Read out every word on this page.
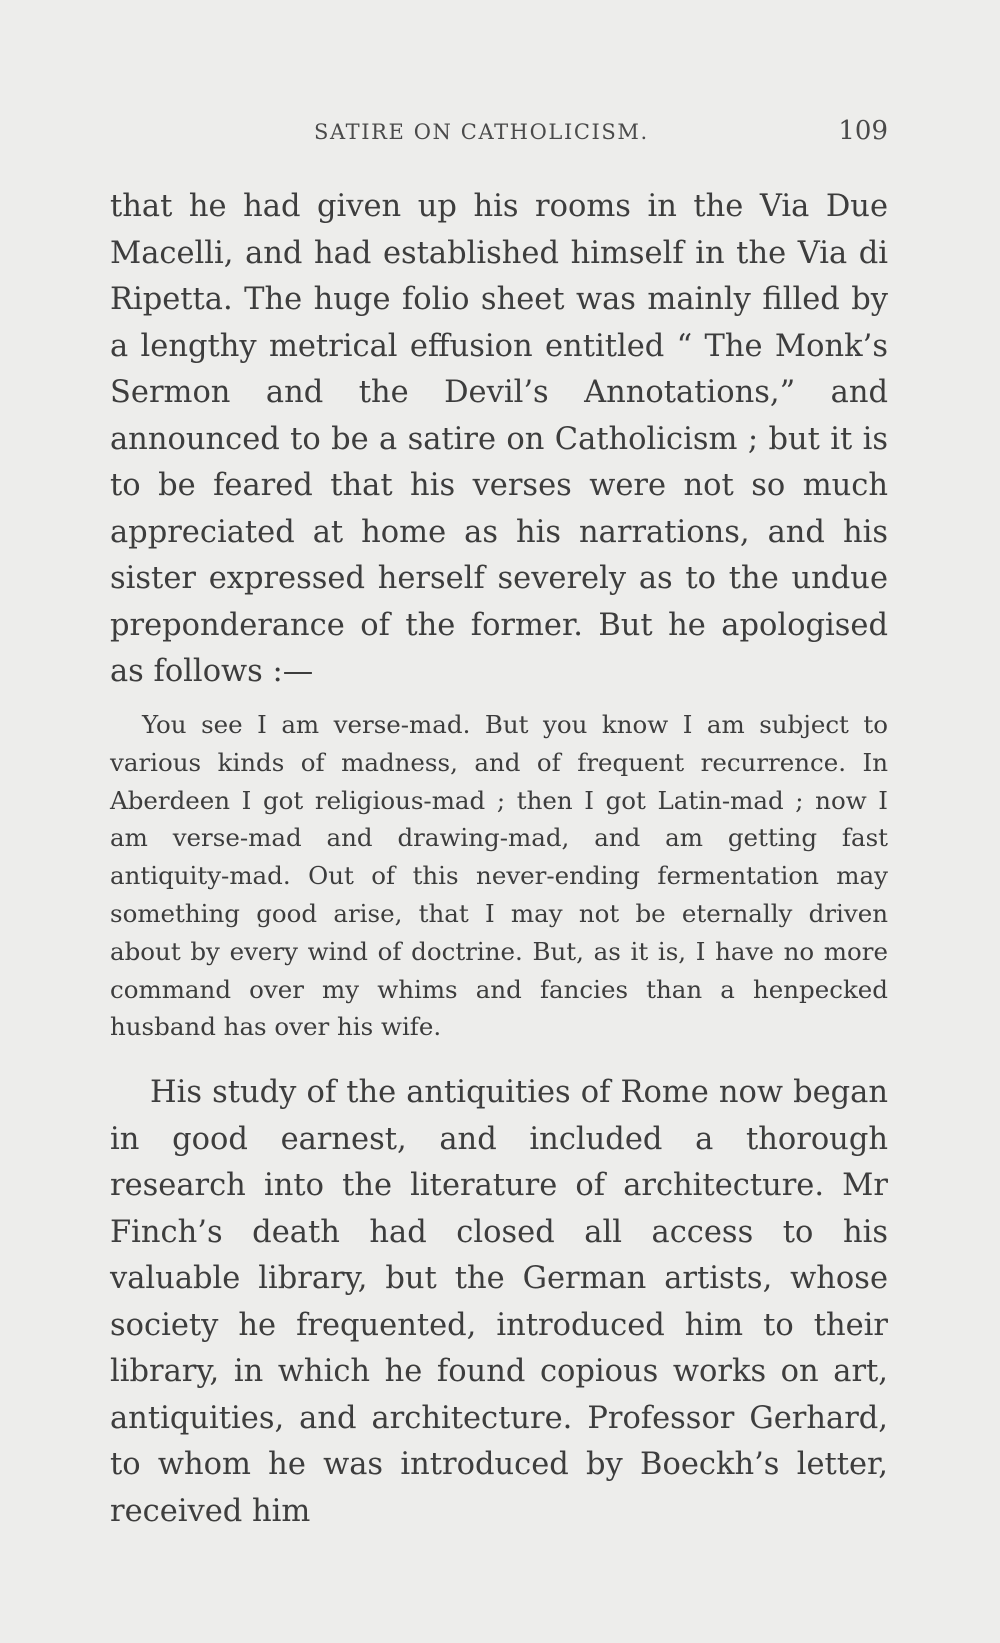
SATIRE ON CATHOLICISM.	109

that he had given up his rooms in the Via Due Macelli, and had established himself in the Via di Ripetta. The huge folio sheet was mainly filled by a lengthy metrical effusion entitled “ The Monk’s Sermon and the Devil’s Annotations,” and announced to be a satire on Catholicism ; but it is to be feared that his verses were not so much appreciated at home as his narrations, and his sister expressed herself severely as to the undue preponderance of the former. But he apologised as follows :—

You see I am verse-mad. But you know I am subject to various kinds of madness, and of frequent recurrence. In Aberdeen I got religious-mad ; then I got Latin-mad ; now I am verse-mad and drawing-mad, and am getting fast antiquity-mad. Out of this never-ending fermentation may something good arise, that I may not be eternally driven about by every wind of doctrine. But, as it is, I have no more command over my whims and fancies than a henpecked husband has over his wife.

His study of the antiquities of Rome now began in good earnest, and included a thorough research into the literature of architecture. Mr Finch’s death had closed all access to his valuable library, but the German artists, whose society he frequented, introduced him to their library, in which he found copious works on art, antiquities, and architecture. Professor Gerhard, to whom he was introduced by Boeckh’s letter, received him
